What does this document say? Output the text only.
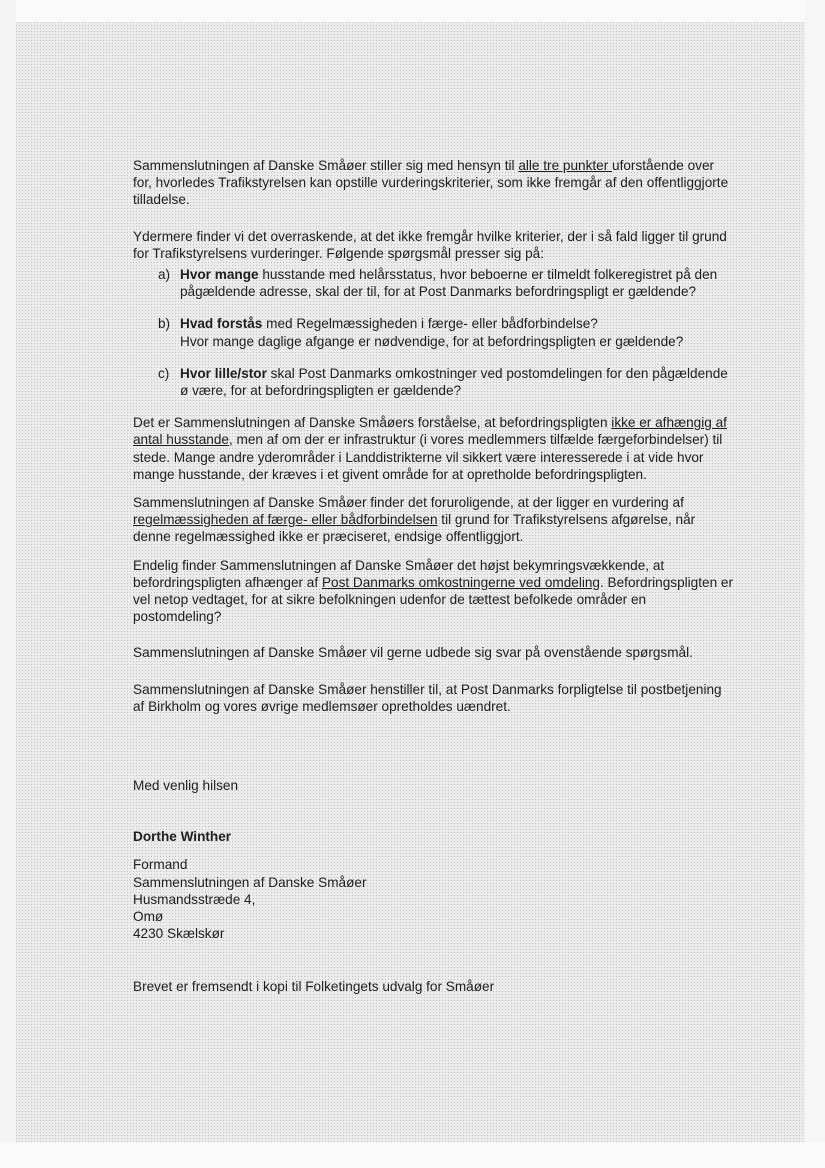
Sammenslutningen af Danske Småøer stiller sig med hensyn til alle tre punkter uforstående over for, hvorledes Trafikstyrelsen kan opstille vurderingskriterier, som ikke fremgår af den offentliggjorte tilladelse.

Ydermere finder vi det overraskende, at det ikke fremgår hvilke kriterier, der i så fald ligger til grund for Trafikstyrelsens vurderinger. Følgende spørgsmål presser sig på:

a) Hvor mange husstande med helårsstatus, hvor beboerne er tilmeldt folkeregistret på den pågældende adresse, skal der til, for at Post Danmarks befordringspligt er gældende?
b) Hvad forstås med Regelmæssigheden i færge- eller bådforbindelse?
Hvor mange daglige afgange er nødvendige, for at befordringspligten er gældende?
c) Hvor lille/stor skal Post Danmarks omkostninger ved postomdelingen for den pågældende ø være, for at befordringspligten er gældende?

Det er Sammenslutningen af Danske Småøers forståelse, at befordringspligten ikke er afhængig af antal husstande, men af om der er infrastruktur (i vores medlemmers tilfælde færgeforbindelser) til stede. Mange andre yderområder i Landdistrikterne vil sikkert være interesserede i at vide hvor mange husstande, der kræves i et givent område for at opretholde befordringspligten.

Sammenslutningen af Danske Småøer finder det foruroligende, at der ligger en vurdering af regelmæssigheden af færge- eller bådforbindelsen til grund for Trafikstyrelsens afgørelse, når denne regelmæssighed ikke er præciseret, endsige offentliggjort.

Endelig finder Sammenslutningen af Danske Småøer det højst bekymringsvækkende, at befordringspligten afhænger af Post Danmarks omkostningerne ved omdeling. Befordringspligten er vel netop vedtaget, for at sikre befolkningen udenfor de tættest befolkede områder en postomdeling?

Sammenslutningen af Danske Småøer vil gerne udbede sig svar på ovenstående spørgsmål.

Sammenslutningen af Danske Småøer henstiller til, at Post Danmarks forpligtelse til postbetjening af Birkholm og vores øvrige medlemsøer opretholdes uændret.

Med venlig hilsen

Dorthe Winther

Formand

Sammenslutningen af Danske Småøer

Husmandsstræde 4,

Omø

4230 Skælskør

Brevet er fremsendt i kopi til Folketingets udvalg for Småøer
